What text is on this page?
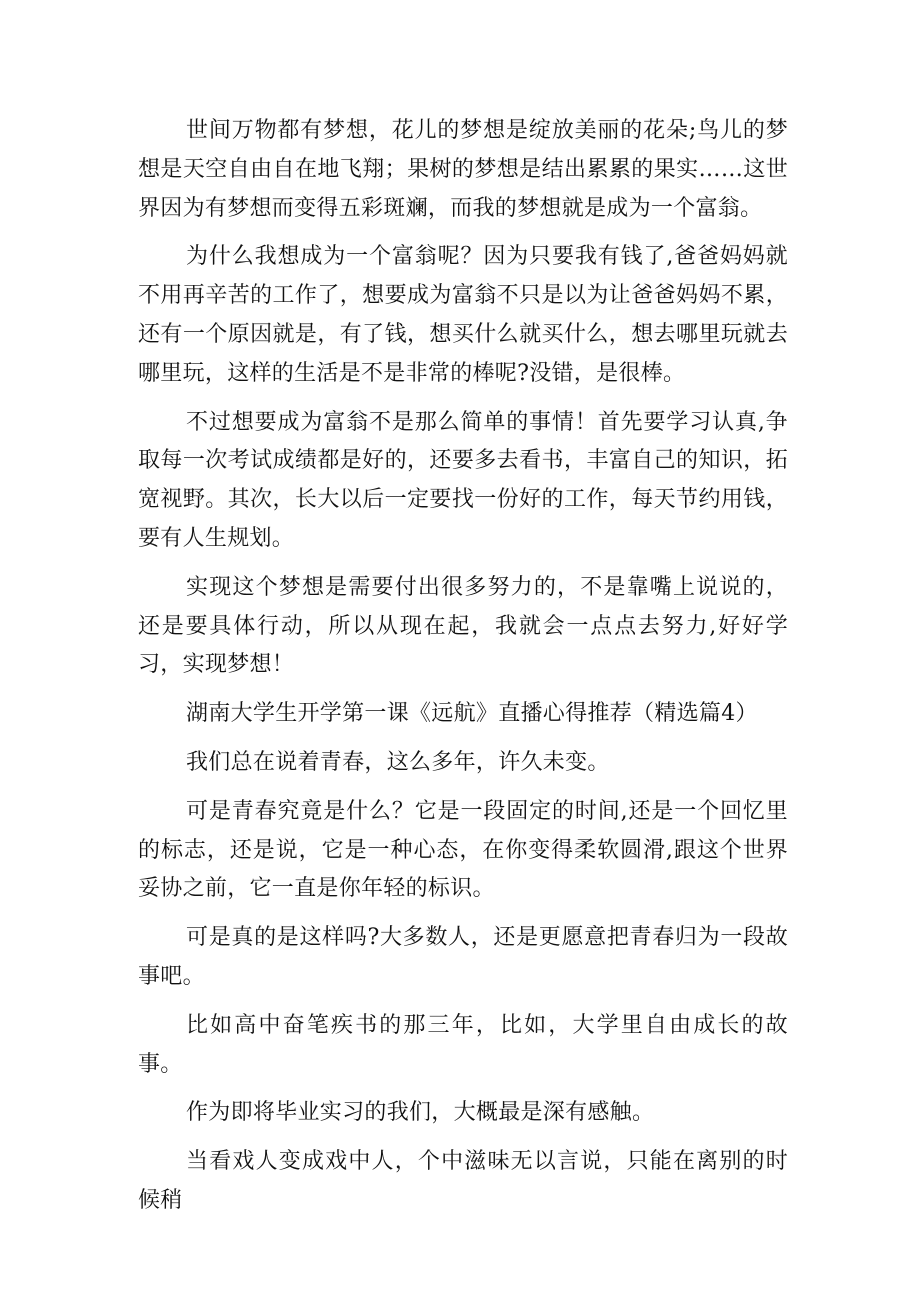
世间万物都有梦想，花儿的梦想是绽放美丽的花朵;鸟儿的梦想是天空自由自在地飞翔；果树的梦想是结出累累的果实……这世界因为有梦想而变得五彩斑斓，而我的梦想就是成为一个富翁。

为什么我想成为一个富翁呢？因为只要我有钱了,爸爸妈妈就不用再辛苦的工作了，想要成为富翁不只是以为让爸爸妈妈不累，还有一个原因就是，有了钱，想买什么就买什么，想去哪里玩就去哪里玩，这样的生活是不是非常的棒呢?没错，是很棒。

不过想要成为富翁不是那么简单的事情！首先要学习认真,争取每一次考试成绩都是好的，还要多去看书，丰富自己的知识，拓宽视野。其次，长大以后一定要找一份好的工作，每天节约用钱，要有人生规划。

实现这个梦想是需要付出很多努力的，不是靠嘴上说说的，还是要具体行动，所以从现在起，我就会一点点去努力,好好学习，实现梦想！

湖南大学生开学第一课《远航》直播心得推荐（精选篇4）

我们总在说着青春，这么多年，许久未变。

可是青春究竟是什么？它是一段固定的时间,还是一个回忆里的标志，还是说，它是一种心态，在你变得柔软圆滑,跟这个世界妥协之前，它一直是你年轻的标识。

可是真的是这样吗?大多数人，还是更愿意把青春归为一段故事吧。

比如高中奋笔疾书的那三年，比如，大学里自由成长的故事。

作为即将毕业实习的我们，大概最是深有感触。

当看戏人变成戏中人，个中滋味无以言说，只能在离别的时候稍
